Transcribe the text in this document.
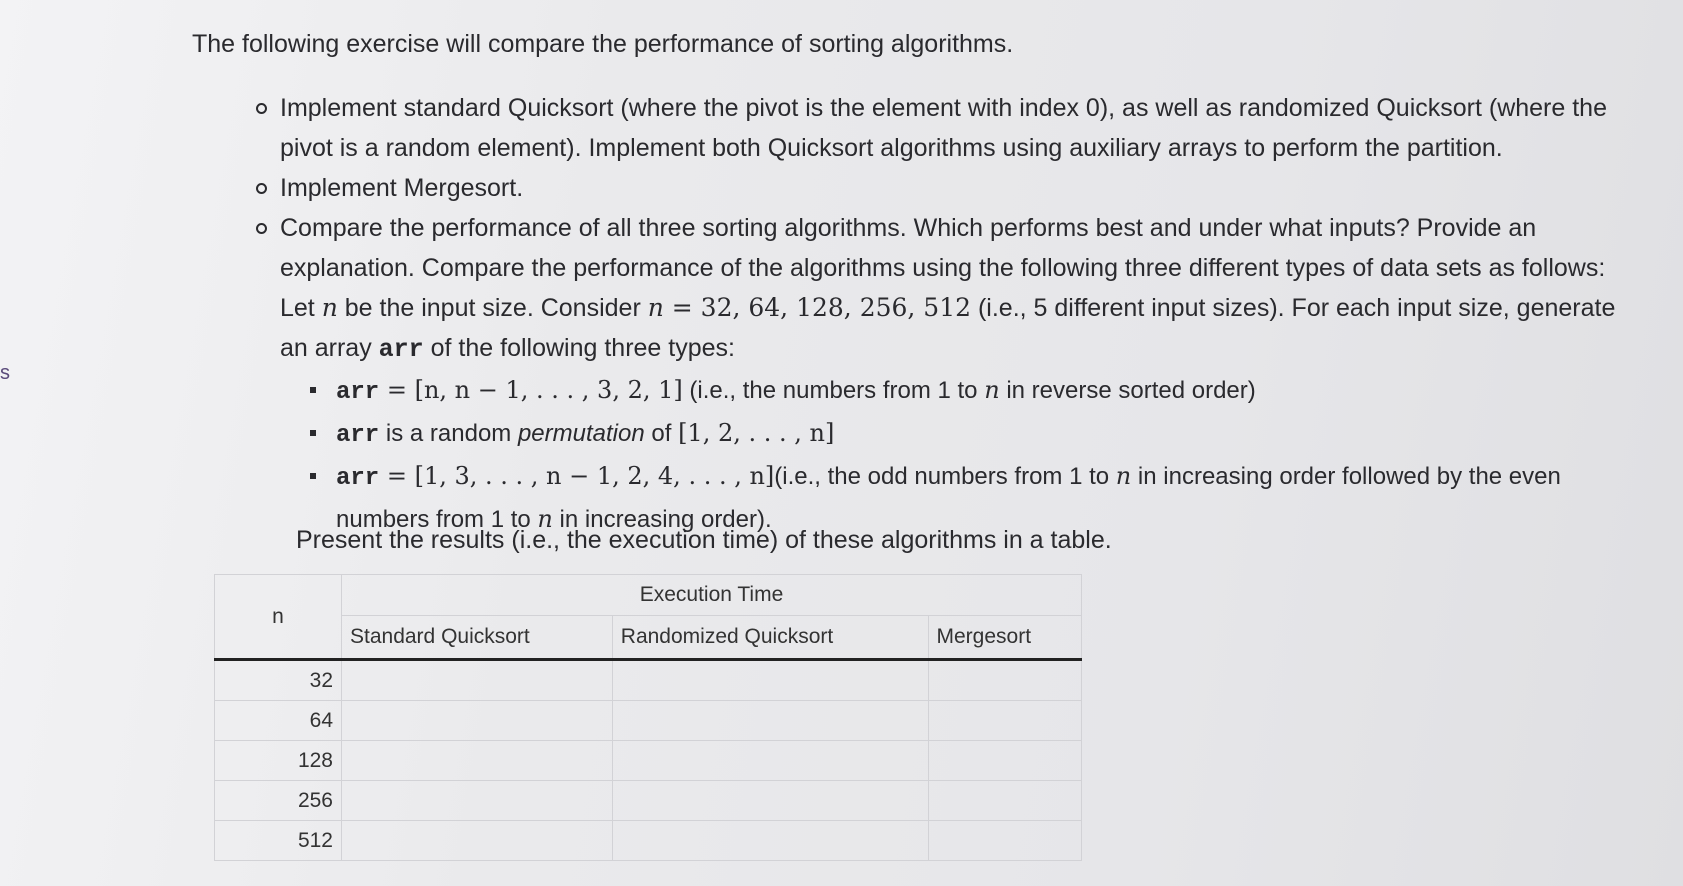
s
The following exercise will compare the performance of sorting algorithms.
Implement standard Quicksort (where the pivot is the element with index 0), as well as randomized Quicksort (where the pivot is a random element). Implement both Quicksort algorithms using auxiliary arrays to perform the partition.
Implement Mergesort.
Compare the performance of all three sorting algorithms. Which performs best and under what inputs? Provide an explanation. Compare the performance of the algorithms using the following three different types of data sets as follows: Let n be the input size. Consider n = 32, 64, 128, 256, 512 (i.e., 5 different input sizes). For each input size, generate an array arr of the following three types:
arr = [n, n − 1, . . . , 3, 2, 1] (i.e., the numbers from 1 to n in reverse sorted order)
arr is a random permutation of [1, 2, . . . , n]
arr = [1, 3, . . . , n − 1, 2, 4, . . . , n](i.e., the odd numbers from 1 to n in increasing order followed by the even numbers from 1 to n in increasing order).
Present the results (i.e., the execution time) of these algorithms in a table.
n	Execution Time		
	Standard Quicksort	Randomized Quicksort	Mergesort
32			
64			
128			
256			
512			
